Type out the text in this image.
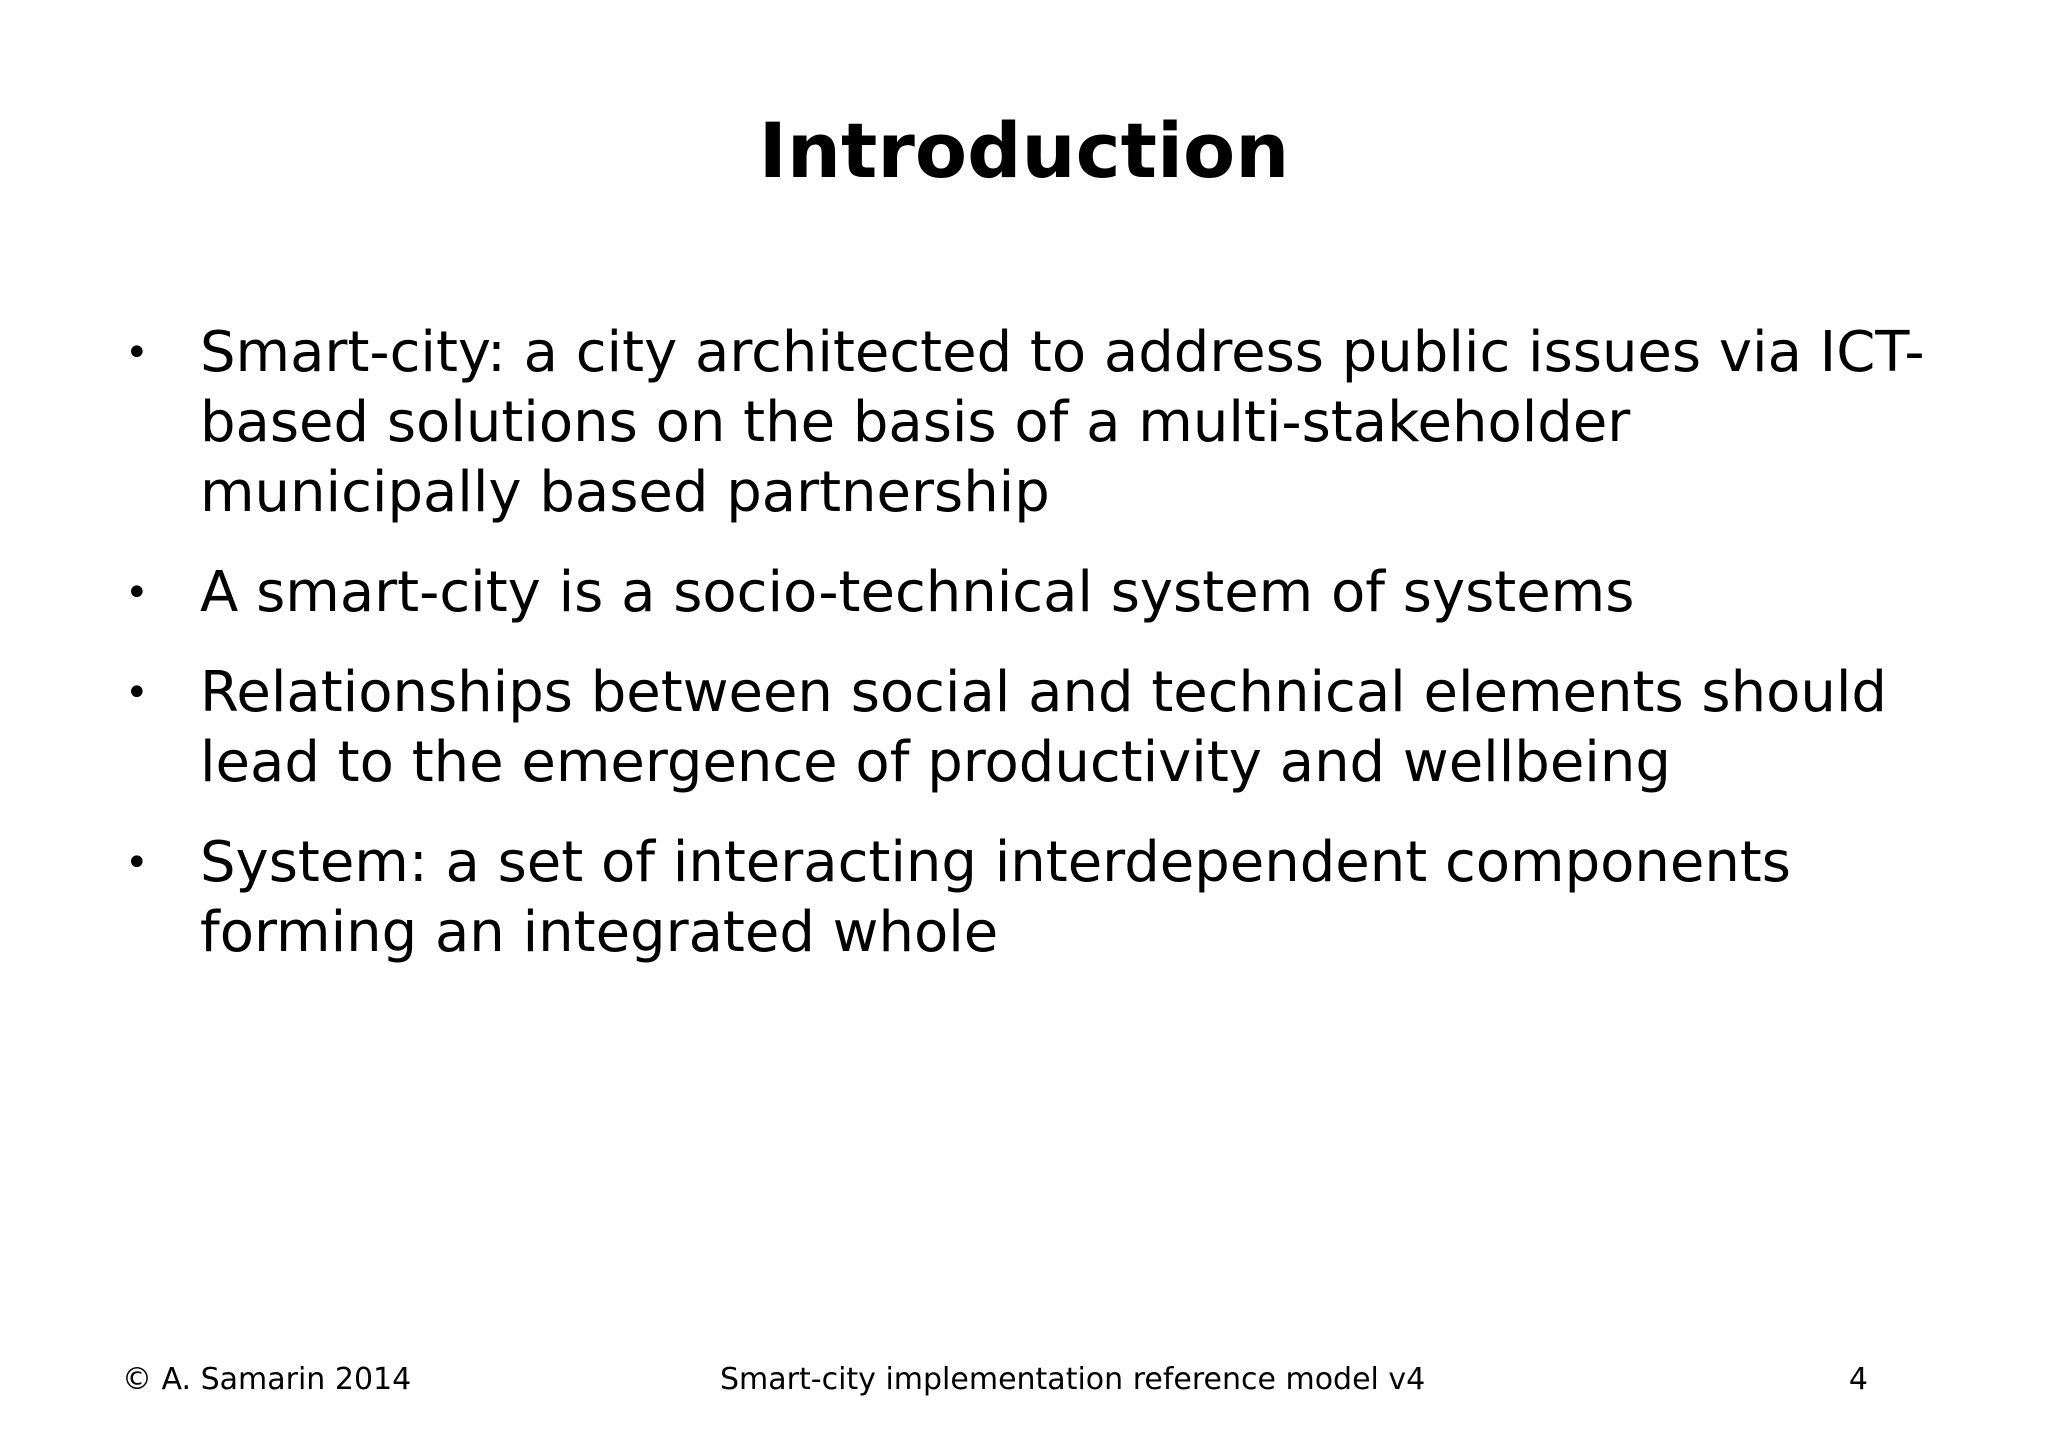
Introduction
• Smart-city: a city architected to address public issues via ICT-based solutions on the basis of a multi-stakeholder municipally based partnership
• A smart-city is a socio-technical system of systems
• Relationships between social and technical elements should lead to the emergence of productivity and wellbeing
• System: a set of interacting interdependent components forming an integrated whole
© A. Samarin 2014	Smart-city implementation reference model v4	4
